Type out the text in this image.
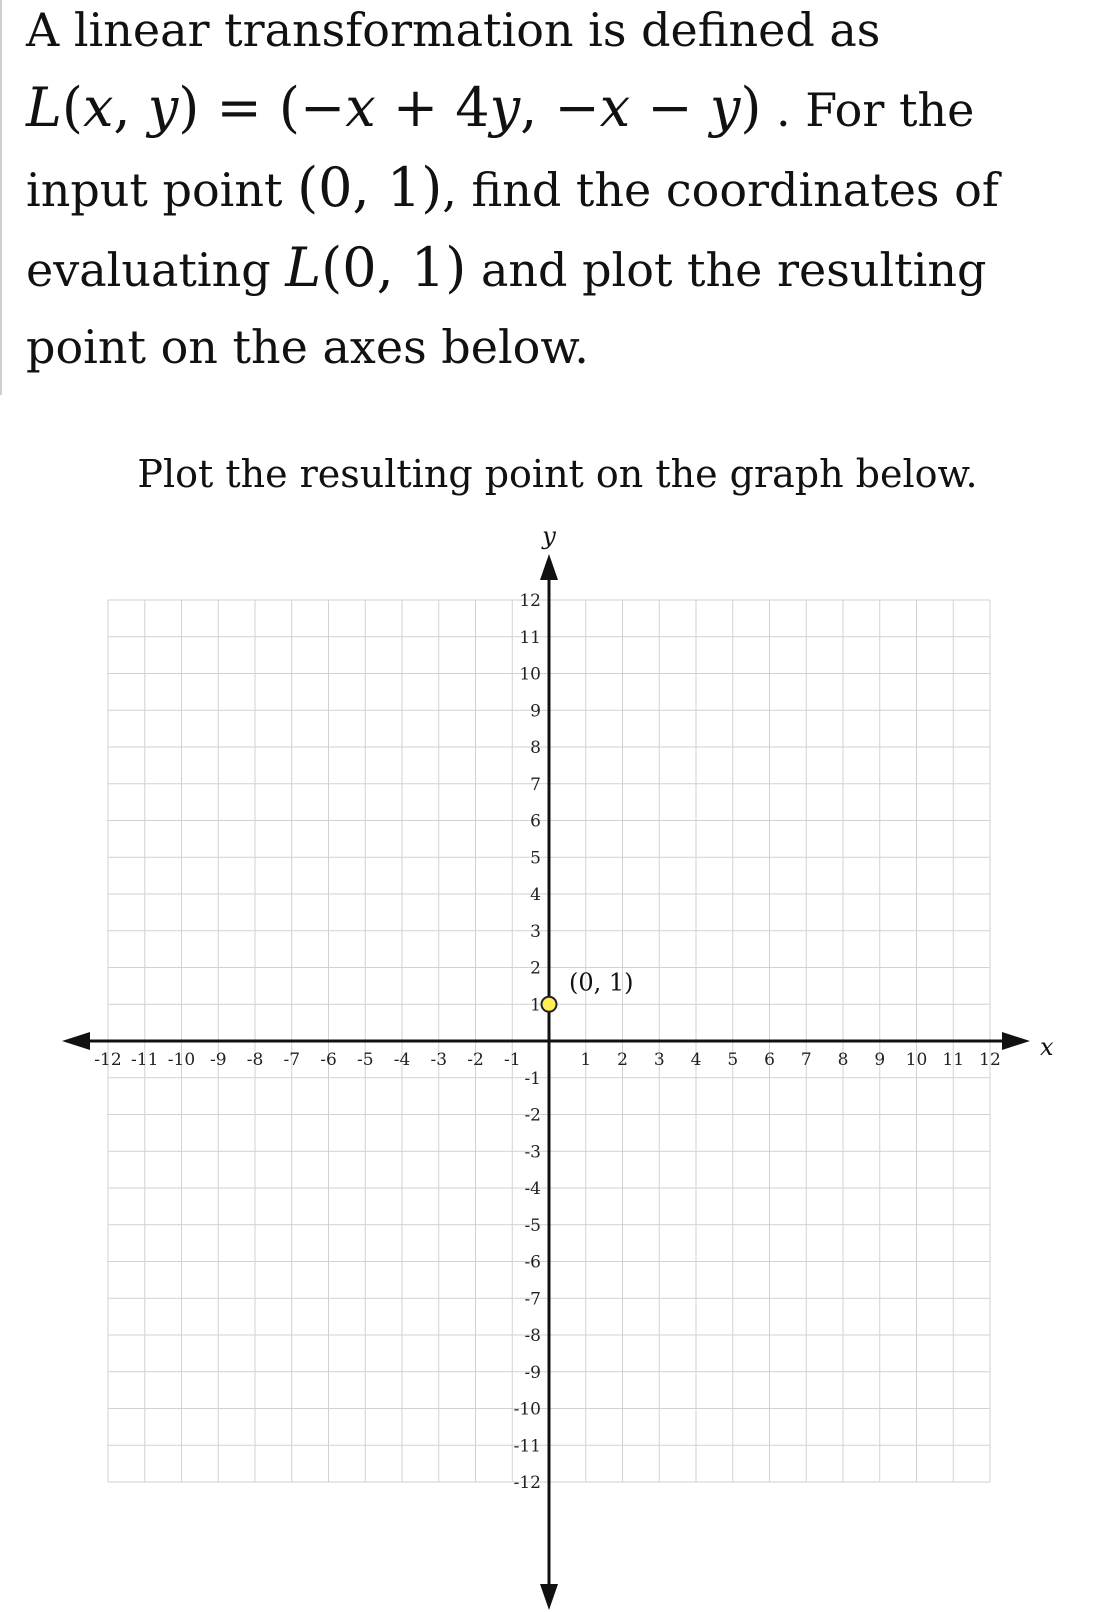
A linear transformation is defined as
L(x, y) = (−x + 4y, −x − y) . For the
input point (0, 1), find the coordinates of
evaluating L(0, 1) and plot the resulting
point on the axes below.
Plot the resulting point on the graph below.
x
y
-12 -11 -10 -9 -8 -7 -6 -5 -4 -3 -2 -1	1 2 3 4 5 6 7 8 9 10 11 12
12
11
10
9
8
7
6
5
4
3
2
1
-1
-2
-3
-4
-5
-6
-7
-8
-9
-10
-11
-12
(0, 1)
